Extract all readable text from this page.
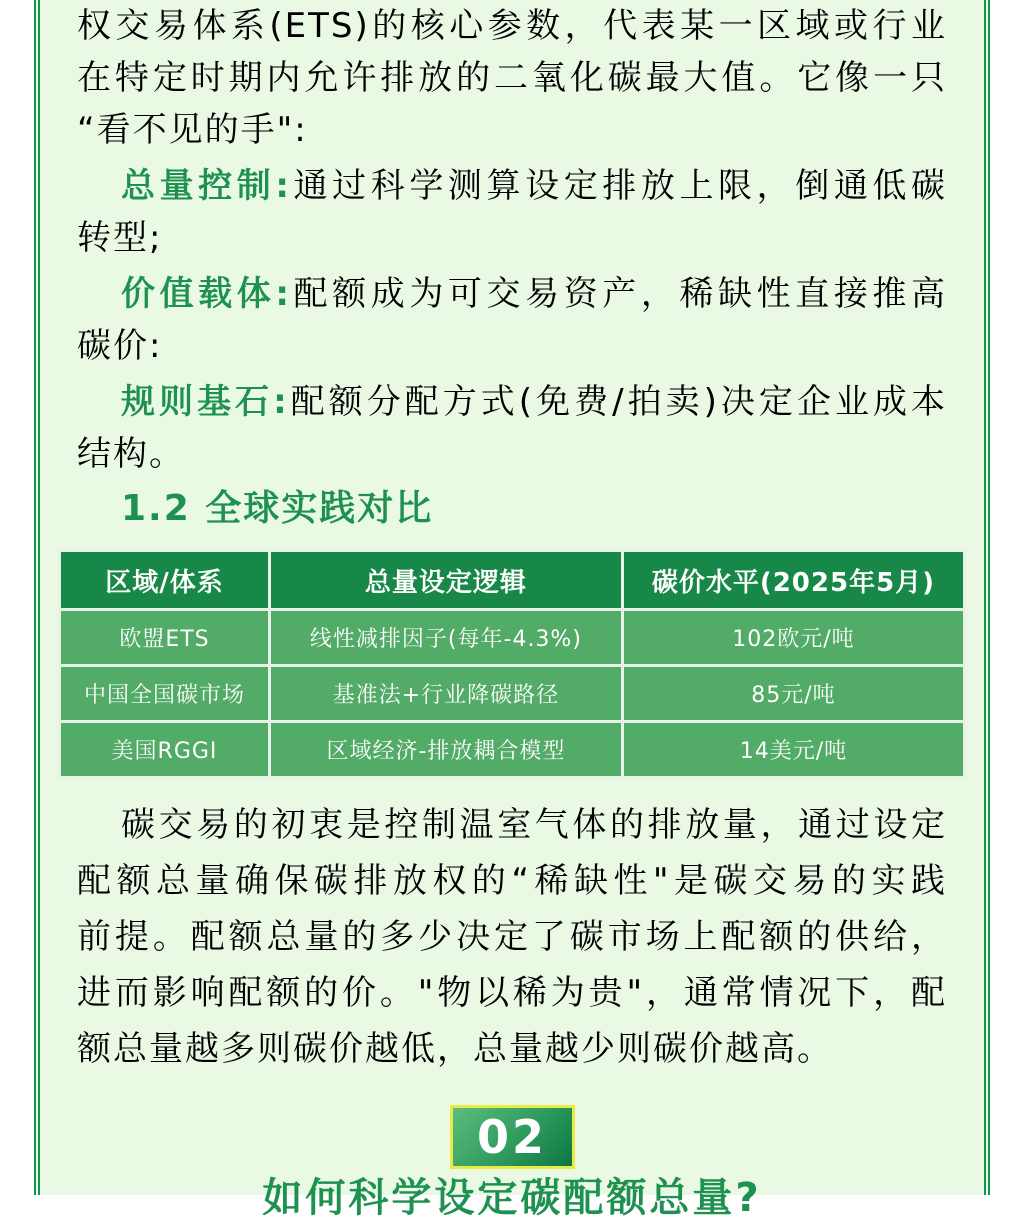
权交易体系(ETS)的核心参数，代表某一区域或行业
在特定时期内允许排放的二氧化碳最大值。它像一只
“看不见的手":
总量控制:通过科学测算设定排放上限，倒通低碳
转型;
价值载体:配额成为可交易资产，稀缺性直接推高
碳价:
规则基石:配额分配方式(免费/拍卖)决定企业成本
结构。
1.2 全球实践对比
区域/体系	总量设定逻辑	碳价水平(2025年5月)
欧盟ETS	线性减排因子(每年-4.3%)	102欧元/吨
中国全国碳市场	基准法+行业降碳路径	85元/吨
美国RGGI	区域经济-排放耦合模型	14美元/吨
碳交易的初衷是控制温室气体的排放量，通过设定
配额总量确保碳排放权的“稀缺性"是碳交易的实践
前提。配额总量的多少决定了碳市场上配额的供给，
进而影响配额的价。"物以稀为贵"，通常情况下，配
额总量越多则碳价越低，总量越少则碳价越高。
02
如何科学设定碳配额总量?
